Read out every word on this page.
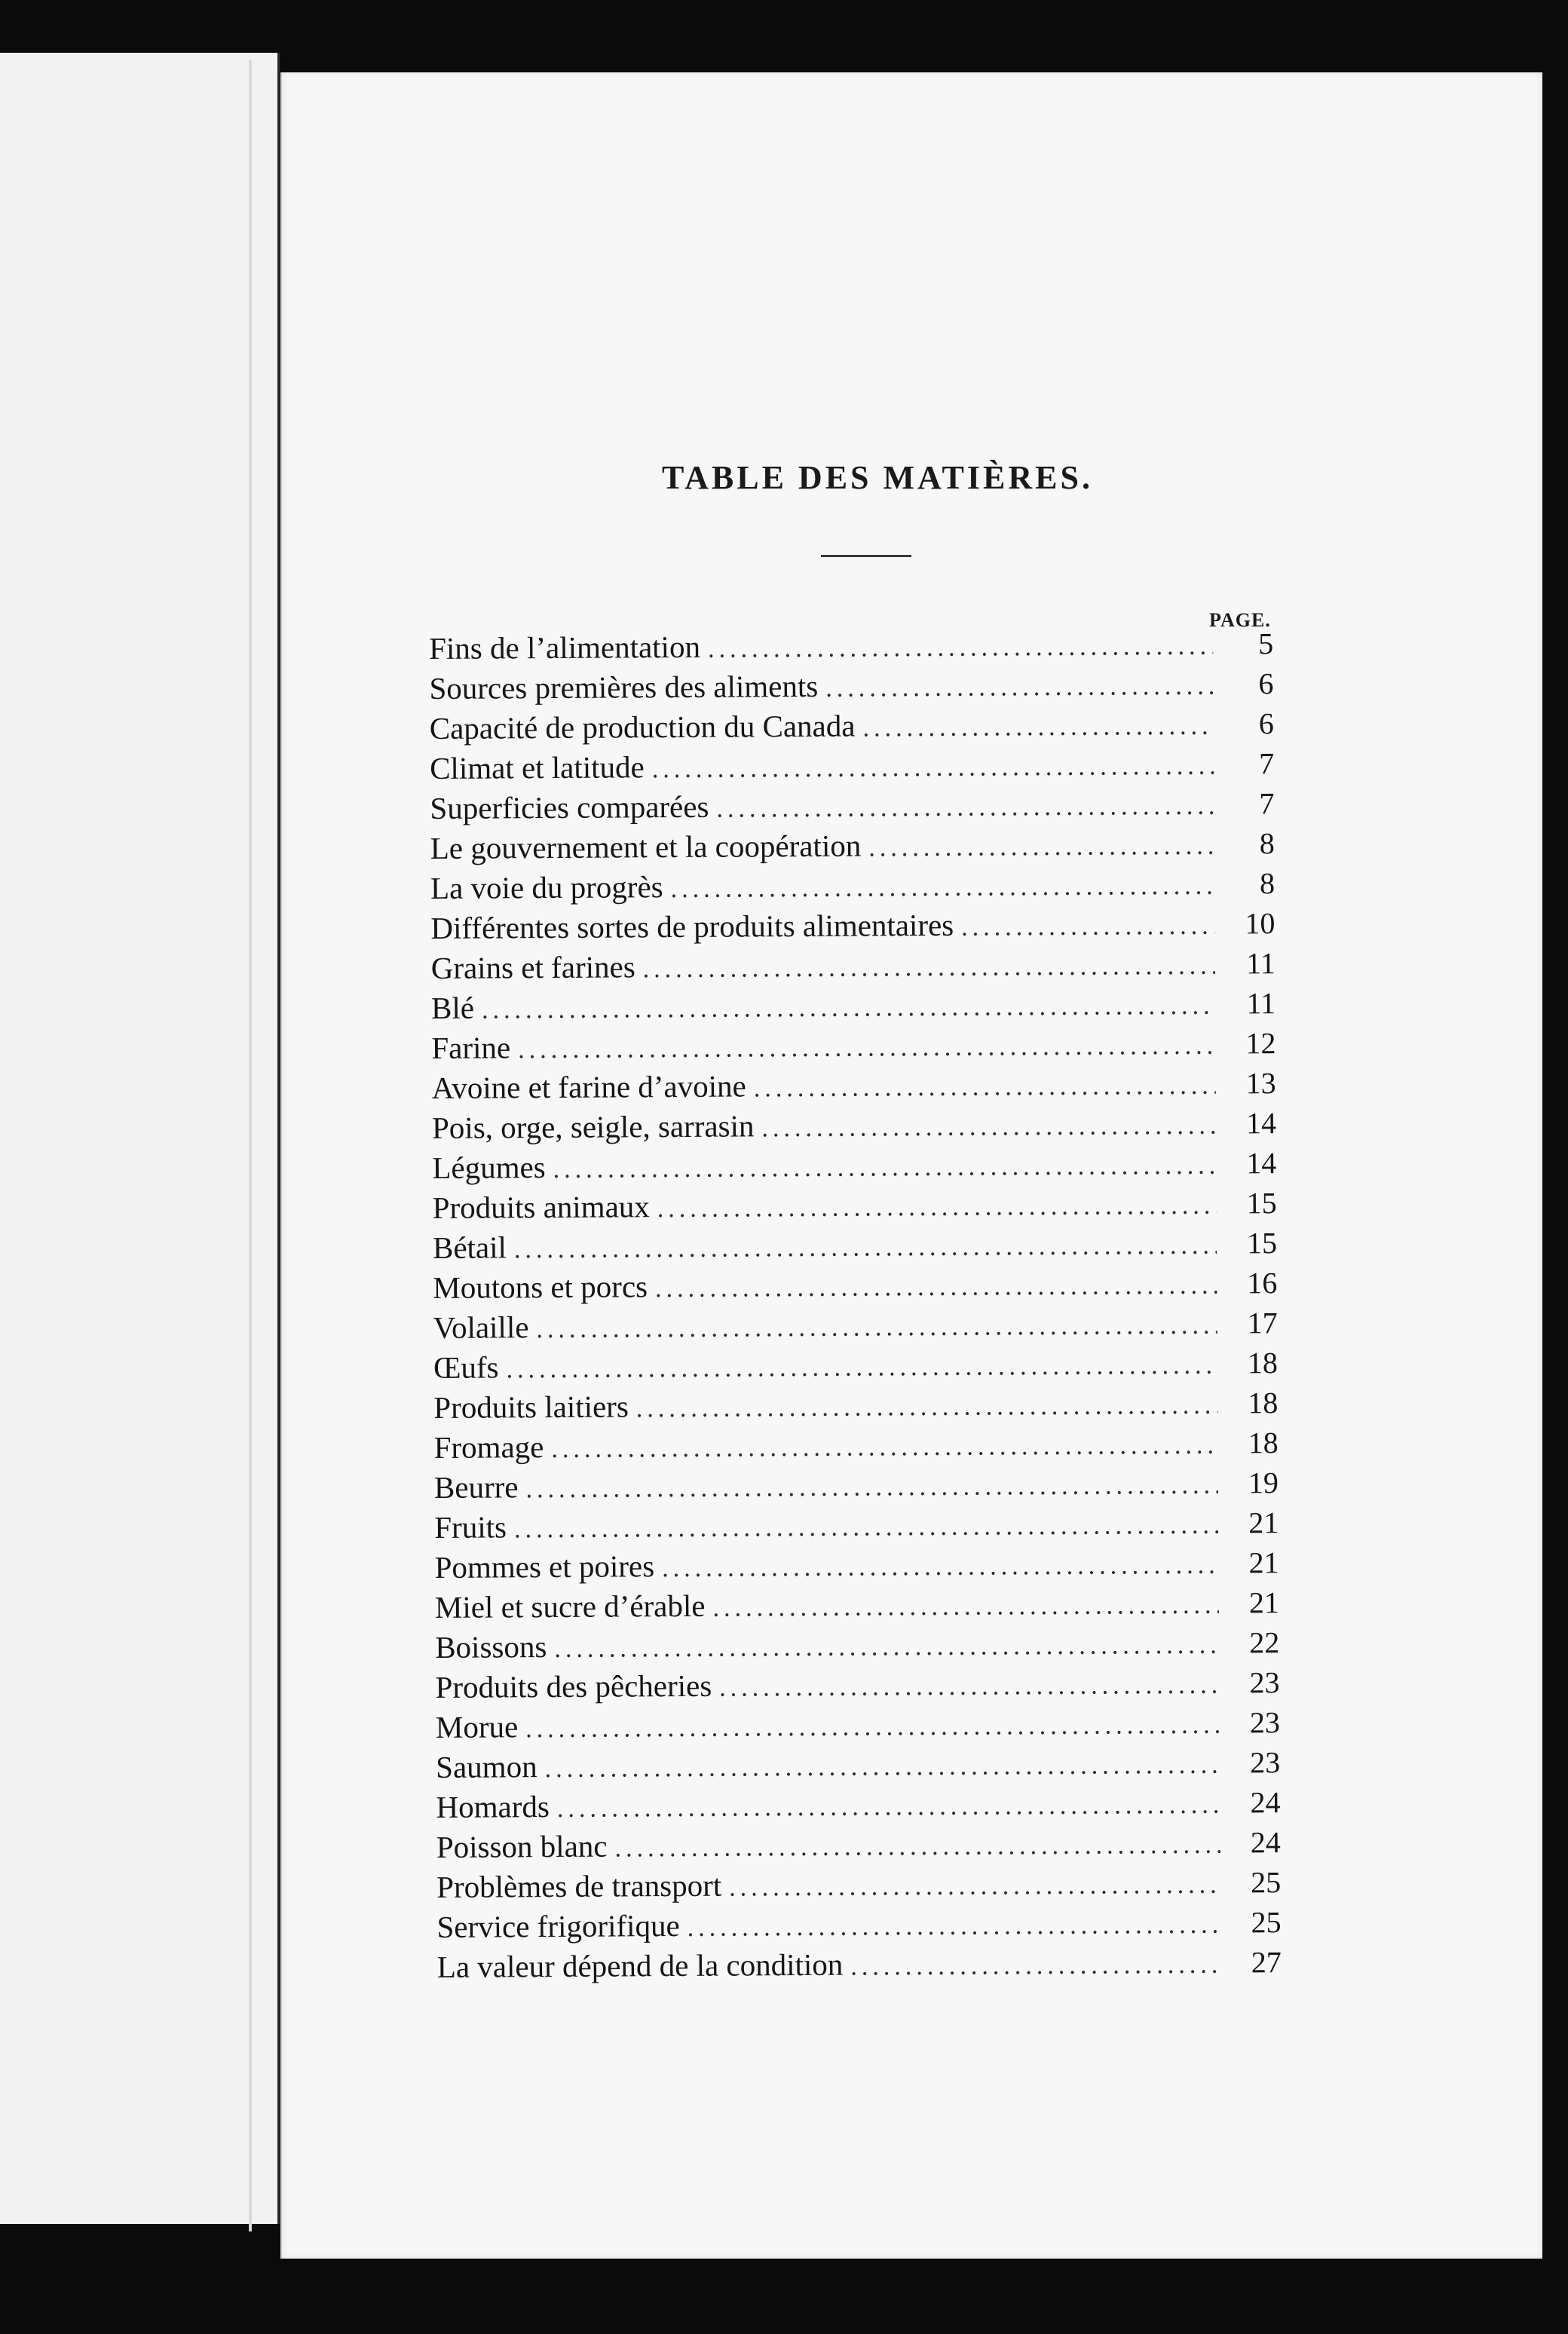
TABLE DES MATIÈRES.
PAGE.
Fins de l’alimentation .....	5
Sources premières des aliments .....	6
Capacité de production du Canada .....	6
Climat et latitude .....	7
Superficies comparées .....	7
Le gouvernement et la coopération .....	8
La voie du progrès .....	8
Différentes sortes de produits alimentaires .....	10
Grains et farines .....	11
Blé .....	11
Farine .....	12
Avoine et farine d’avoine .....	13
Pois, orge, seigle, sarrasin .....	14
Légumes .....	14
Produits animaux .....	15
Bétail .....	15
Moutons et porcs .....	16
Volaille .....	17
Œufs .....	18
Produits laitiers .....	18
Fromage .....	18
Beurre .....	19
Fruits .....	21
Pommes et poires .....	21
Miel et sucre d’érable .....	21
Boissons .....	22
Produits des pêcheries .....	23
Morue .....	23
Saumon .....	23
Homards .....	24
Poisson blanc .....	24
Problèmes de transport .....	25
Service frigorifique .....	25
La valeur dépend de la condition .....	27
